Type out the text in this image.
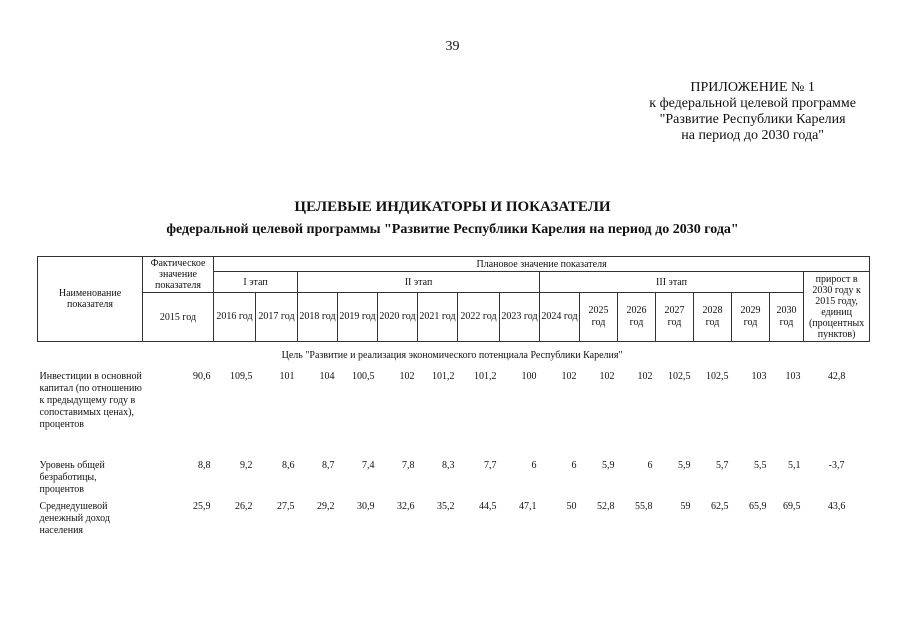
39
ПРИЛОЖЕНИЕ № 1
к федеральной целевой программе
"Развитие Республики Карелия
на период до 2030 года"
ЦЕЛЕВЫЕ ИНДИКАТОРЫ И ПОКАЗАТЕЛИ
федеральной целевой программы "Развитие Республики Карелия на период до 2030 года"
Наименование показателя	Фактическое значение показателя	Плановое значение показателя															
		I этап		II этап						III этап							прирост в 2030 году к 2015 году, единиц (процентных пунктов)
	2015 год	2016 год	2017 год	2018 год	2019 год	2020 год	2021 год	2022 год	2023 год	2024 год	2025 год	2026 год	2027 год	2028 год	2029 год	2030 год	
Цель "Развитие и реализация экономического потенциала Республики Карелия"																	
Инвестиции в основной капитал (по отношению к предыдущему году в сопоставимых ценах), процентов	90,6	109,5	101	104	100,5	102	101,2	101,2	100	102	102	102	102,5	102,5	103	103	42,8
Уровень общей безработицы, процентов	8,8	9,2	8,6	8,7	7,4	7,8	8,3	7,7	6	6	5,9	6	5,9	5,7	5,5	5,1	-3,7
Среднедушевой денежный доход населения	25,9	26,2	27,5	29,2	30,9	32,6	35,2	44,5	47,1	50	52,8	55,8	59	62,5	65,9	69,5	43,6
